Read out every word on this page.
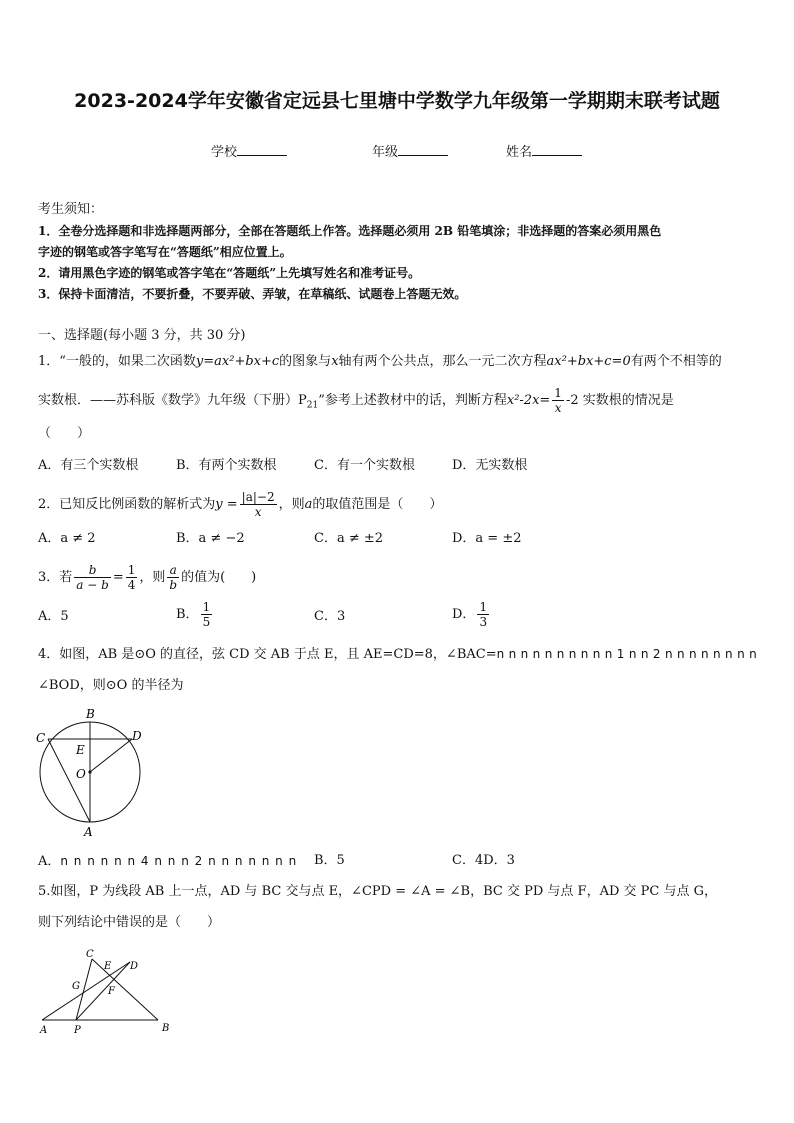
2023-2024学年安徽省定远县七里塘中学数学九年级第一学期期末联考试题
学校	年级	姓名
考生须知：
1．全卷分选择题和非选择题两部分，全部在答题纸上作答。选择题必须用 2B 铅笔填涂；非选择题的答案必须用黑色
字迹的钢笔或答字笔写在“答题纸”相应位置上。
2．请用黑色字迹的钢笔或答字笔在“答题纸”上先填写姓名和准考证号。
3．保持卡面清洁，不要折叠，不要弄破、弄皱，在草稿纸、试题卷上答题无效。
一、选择题(每小题 3 分，共 30 分)
1．“一般的，如果二次函数y=ax²+bx+c的图象与x轴有两个公共点，那么一元二次方程ax²+bx+c=0有两个不相等的
实数根．——苏科版《数学》九年级（下册）$P_{21}$”参考上述教材中的话，判断方程$x^2-2x= \frac{1}{x} -2$ 实数根的情况是
（　　）
A．有三个实数根	B．有两个实数根	C．有一个实数根	D．无实数根
2．已知反比例函数的解析式为$y = \frac{|a|-2}{x}$ ，则a的取值范围是（　　）
A．a ≠ 2	B．a ≠ −2	C．a ≠ ±2	D．a = ±2
3．若 $\frac{b}{a - b} = \frac{1}{4}$ ，则 $\frac{a}{b}$ 的值为(　　)
A．5	B． $\frac{1}{5}$	C．3	D． $\frac{1}{3}$
4．如图，AB 是⊙O 的直径，弦 CD 交 AB 于点 E，且 AE=CD=8，∠BAC=n n n n n n n n n n 1 n n 2 n n n n n n n n
∠BOD，则⊙O 的半径为
B
C	D
E
O
A
A．n n n n n n 4 n n n 2 n n n n n n n B．5	C．4D．3
5.如图，P 为线段 AB 上一点，AD 与 BC 交与点 E，∠CPD = ∠A = ∠B，BC 交 PD 与点 F，AD 交 PC 与点 G，
则下列结论中错误的是（　　）
C
E D
G	F
A	P	B
